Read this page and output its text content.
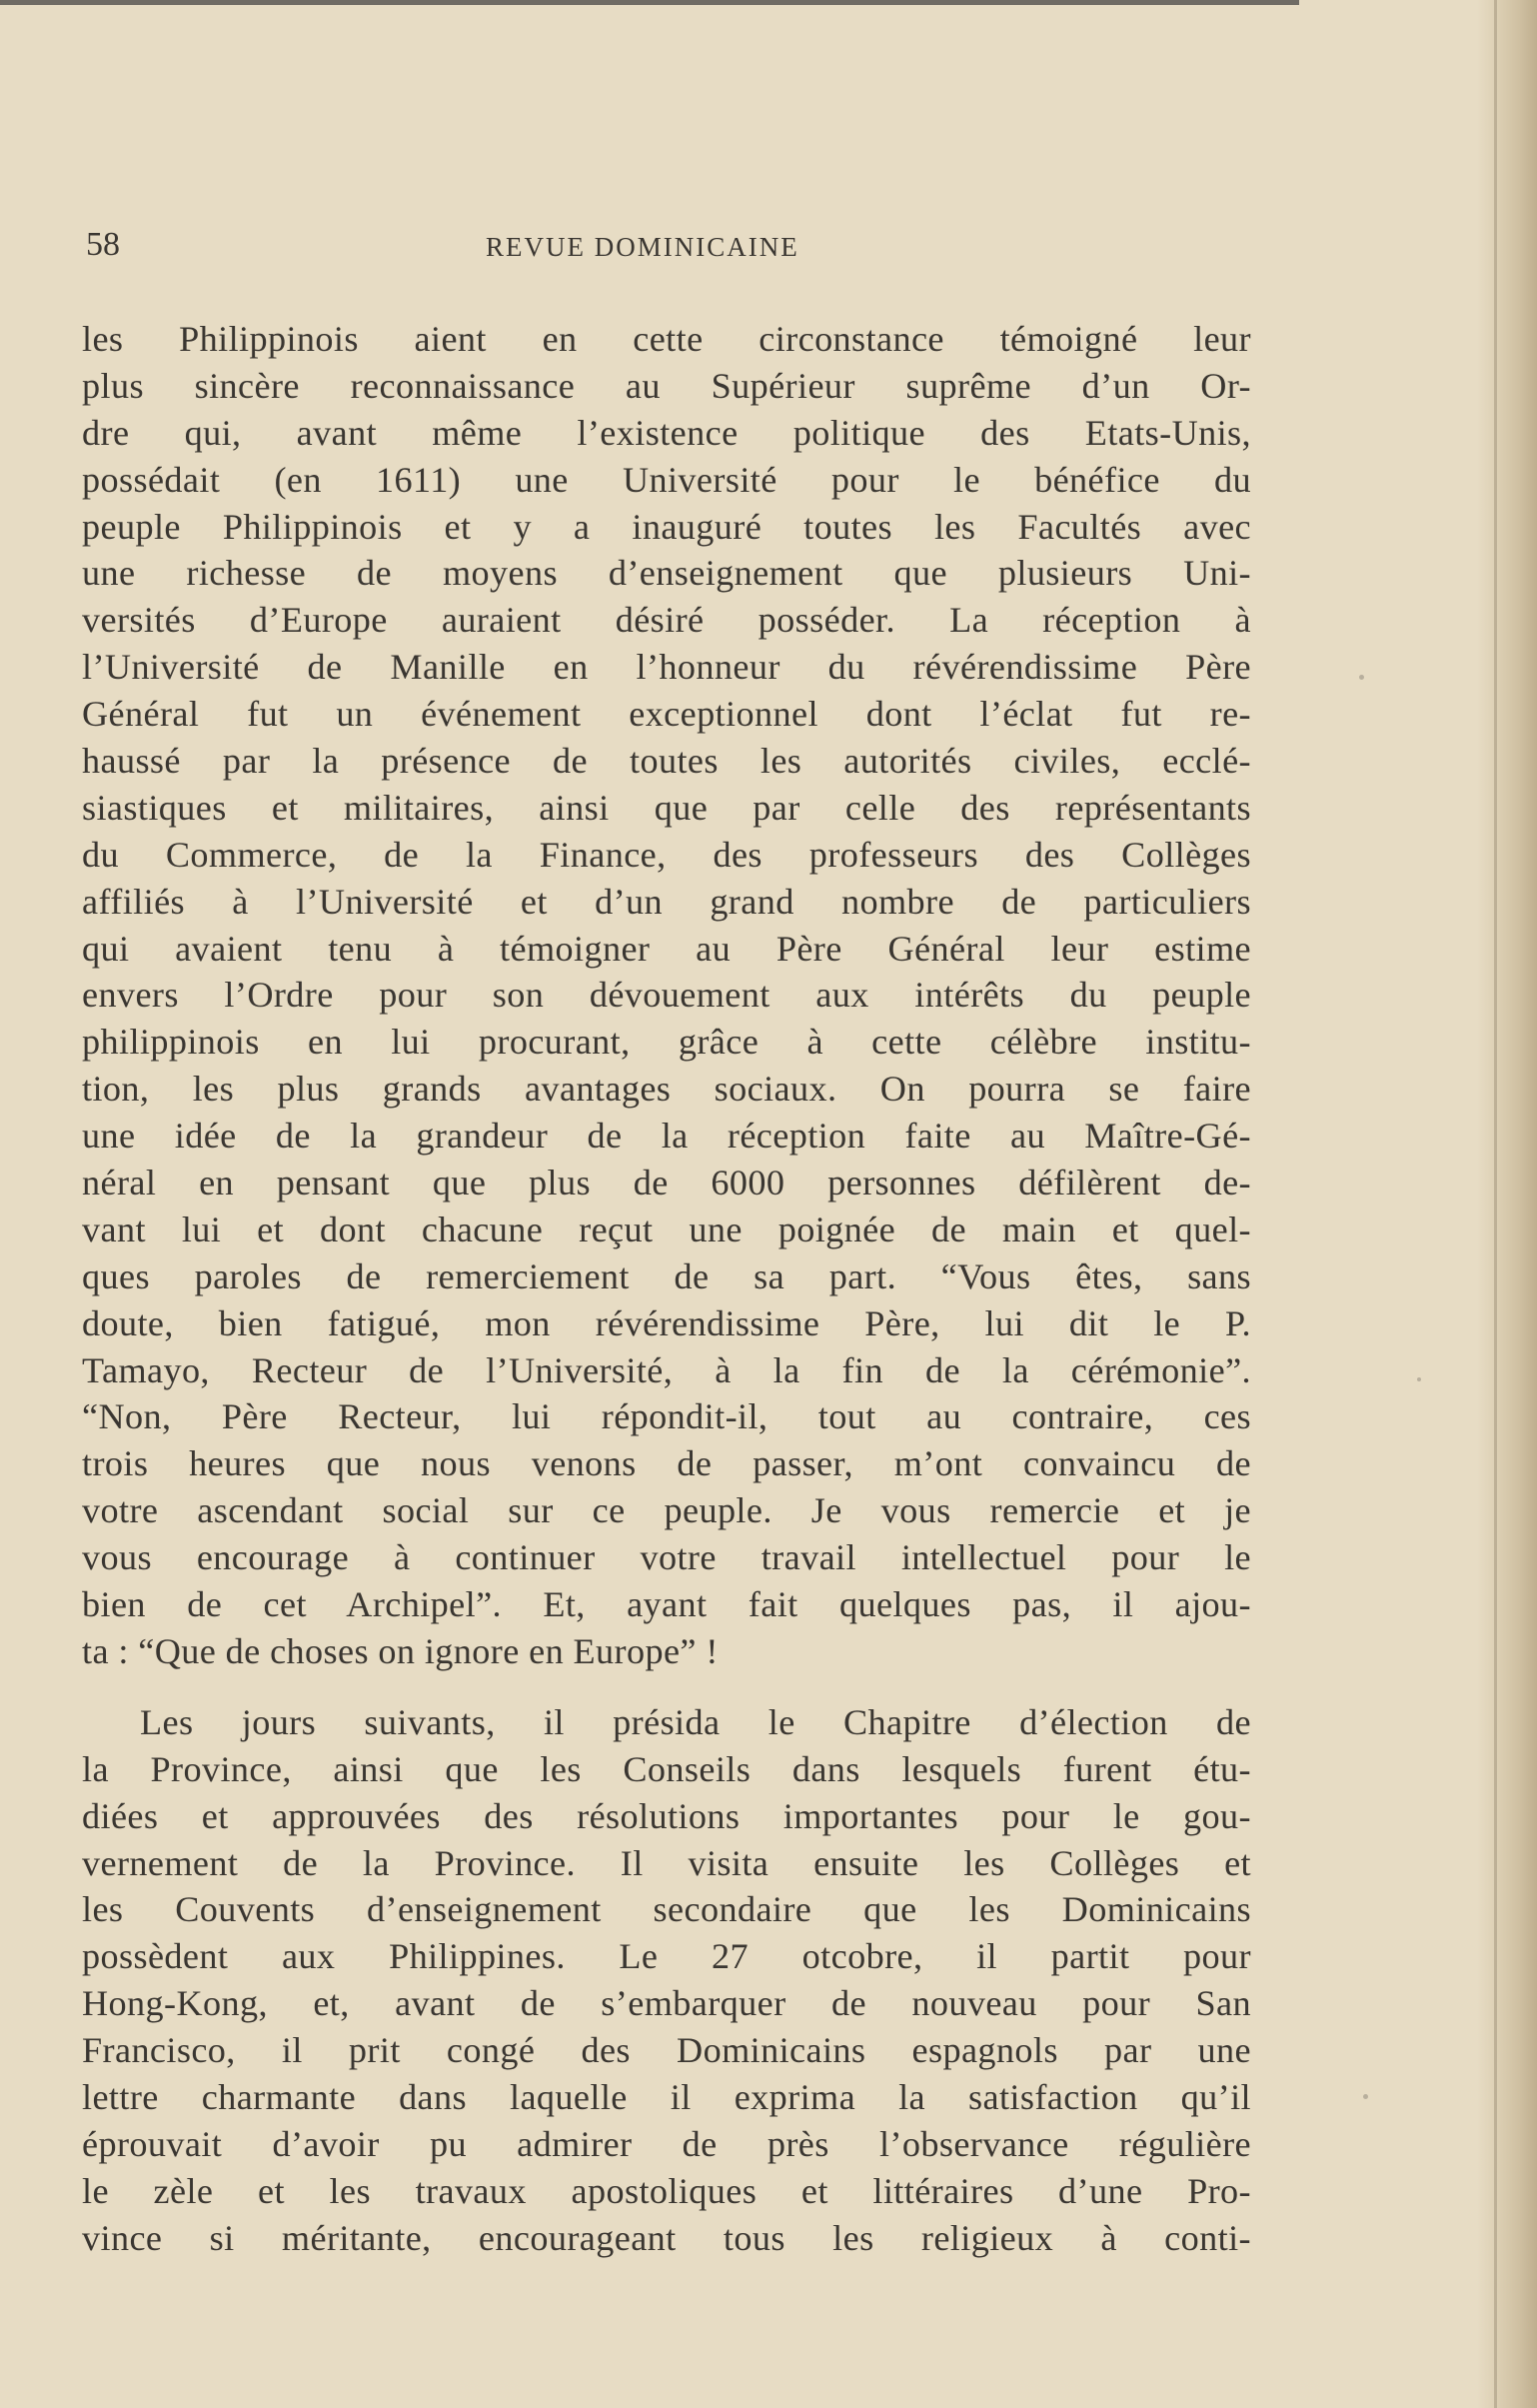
58	REVUE DOMINICAINE
les Philippinois aient en cette circonstance témoigné leur
plus sincère reconnaissance au Supérieur suprême d’un Or-
dre qui, avant même l’existence politique des Etats-Unis,
possédait (en 1611) une Université pour le bénéfice du
peuple Philippinois et y a inauguré toutes les Facultés avec
une richesse de moyens d’enseignement que plusieurs Uni-
versités d’Europe auraient désiré posséder. La réception à
l’Université de Manille en l’honneur du révérendissime Père
Général fut un événement exceptionnel dont l’éclat fut re-
haussé par la présence de toutes les autorités civiles, ecclé-
siastiques et militaires, ainsi que par celle des représentants
du Commerce, de la Finance, des professeurs des Collèges
affiliés à l’Université et d’un grand nombre de particuliers
qui avaient tenu à témoigner au Père Général leur estime
envers l’Ordre pour son dévouement aux intérêts du peuple
philippinois en lui procurant, grâce à cette célèbre institu-
tion, les plus grands avantages sociaux. On pourra se faire
une idée de la grandeur de la réception faite au Maître-Gé-
néral en pensant que plus de 6000 personnes défilèrent de-
vant lui et dont chacune reçut une poignée de main et quel-
ques paroles de remerciement de sa part. “Vous êtes, sans
doute, bien fatigué, mon révérendissime Père, lui dit le P.
Tamayo, Recteur de l’Université, à la fin de la cérémonie”.
“Non, Père Recteur, lui répondit-il, tout au contraire, ces
trois heures que nous venons de passer, m’ont convaincu de
votre ascendant social sur ce peuple. Je vous remercie et je
vous encourage à continuer votre travail intellectuel pour le
bien de cet Archipel”. Et, ayant fait quelques pas, il ajou-
ta : “Que de choses on ignore en Europe” !
Les jours suivants, il présida le Chapitre d’élection de
la Province, ainsi que les Conseils dans lesquels furent étu-
diées et approuvées des résolutions importantes pour le gou-
vernement de la Province. Il visita ensuite les Collèges et
les Couvents d’enseignement secondaire que les Dominicains
possèdent aux Philippines. Le 27 otcobre, il partit pour
Hong-Kong, et, avant de s’embarquer de nouveau pour San
Francisco, il prit congé des Dominicains espagnols par une
lettre charmante dans laquelle il exprima la satisfaction qu’il
éprouvait d’avoir pu admirer de près l’observance régulière
le zèle et les travaux apostoliques et littéraires d’une Pro-
vince si méritante, encourageant tous les religieux à conti-
